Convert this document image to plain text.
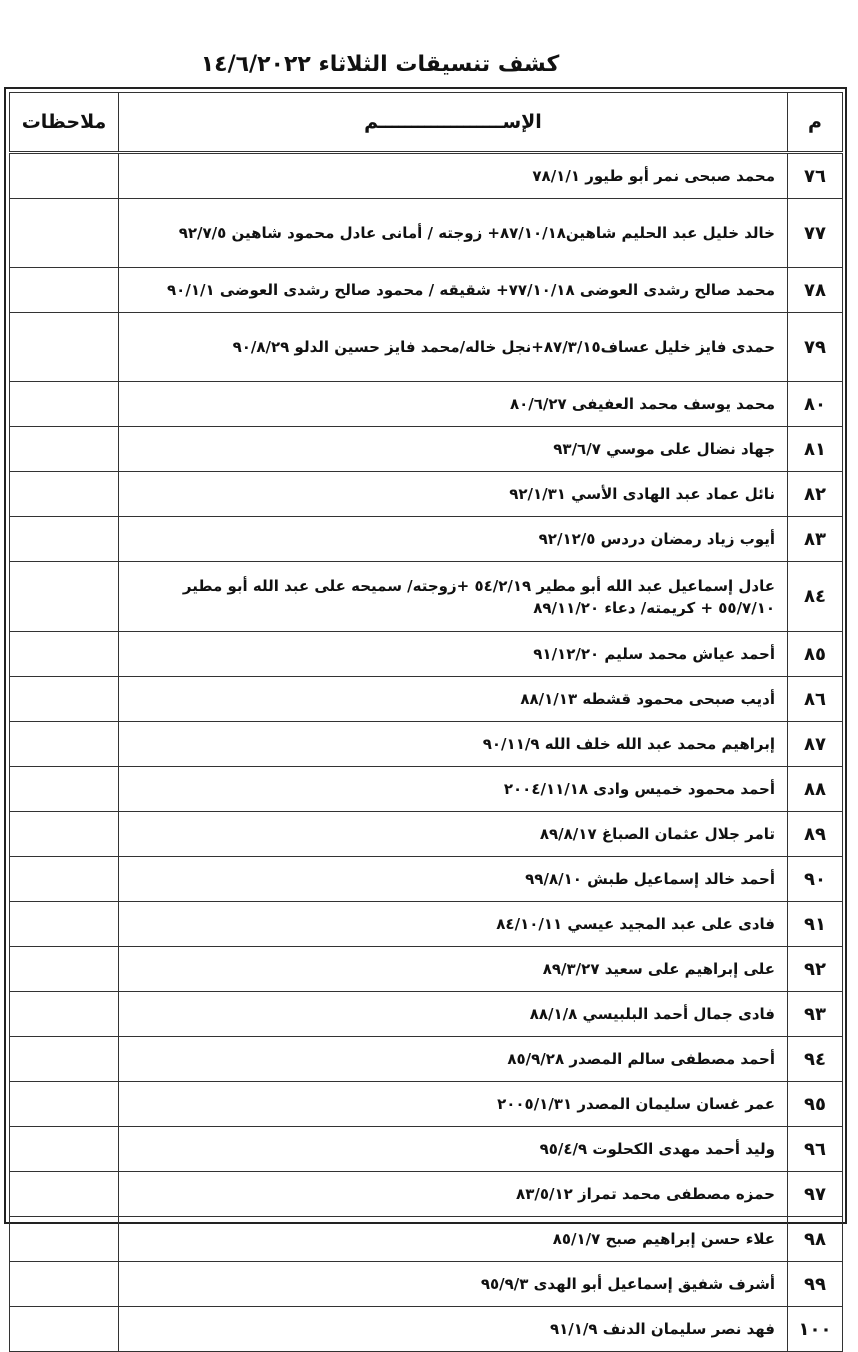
كشف تنسيقات الثلاثاء ١٤/٦/٢٠٢٢
م	الإســـــــــــــــــــم	ملاحظات
٧٦	محمد صبحى نمر أبو طيور ٧٨/١/١	
٧٧	خالد خليل عبد الحليم شاهين٨٧/١٠/١٨+ زوجته / أمانى عادل محمود شاهين ٩٢/٧/٥	
٧٨	محمد صالح رشدى العوضى ٧٧/١٠/١٨+ شقيقه / محمود صالح رشدى العوضى ٩٠/١/١	
٧٩	حمدى فايز خليل عساف٨٧/٣/١٥+نجل خاله/محمد فايز حسين الدلو ٩٠/٨/٢٩	
٨٠	محمد يوسف محمد العفيفى ٨٠/٦/٢٧	
٨١	جهاد نضال على موسي ٩٣/٦/٧	
٨٢	نائل عماد عبد الهادى الأسي ٩٢/١/٣١	
٨٣	أيوب زياد رمضان دردس ٩٢/١٢/٥	
٨٤	عادل إسماعيل عبد الله أبو مطير ٥٤/٢/١٩ +زوجته/ سميحه على عبد الله أبو مطير ٥٥/٧/١٠ + كريمته/ دعاء ٨٩/١١/٢٠	
٨٥	أحمد عياش محمد سليم ٩١/١٢/٢٠	
٨٦	أديب صبحى محمود قشطه ٨٨/١/١٣	
٨٧	إبراهيم محمد عبد الله خلف الله ٩٠/١١/٩	
٨٨	أحمد محمود خميس وادى ٢٠٠٤/١١/١٨	
٨٩	تامر جلال عثمان الصباغ ٨٩/٨/١٧	
٩٠	أحمد خالد إسماعيل طبش ٩٩/٨/١٠	
٩١	فادى على عبد المجيد عيسي ٨٤/١٠/١١	
٩٢	على إبراهيم على سعيد ٨٩/٣/٢٧	
٩٣	فادى جمال أحمد البلبيسي ٨٨/١/٨	
٩٤	أحمد مصطفى سالم المصدر ٨٥/٩/٢٨	
٩٥	عمر غسان سليمان المصدر ٢٠٠٥/١/٣١	
٩٦	وليد أحمد مهدى الكحلوت ٩٥/٤/٩	
٩٧	حمزه مصطفى محمد تمراز ٨٣/٥/١٢	
٩٨	علاء حسن إبراهيم صبح ٨٥/١/٧	
٩٩	أشرف شفيق إسماعيل أبو الهدى ٩٥/٩/٣	
١٠٠	فهد نصر سليمان الدنف ٩١/١/٩	
